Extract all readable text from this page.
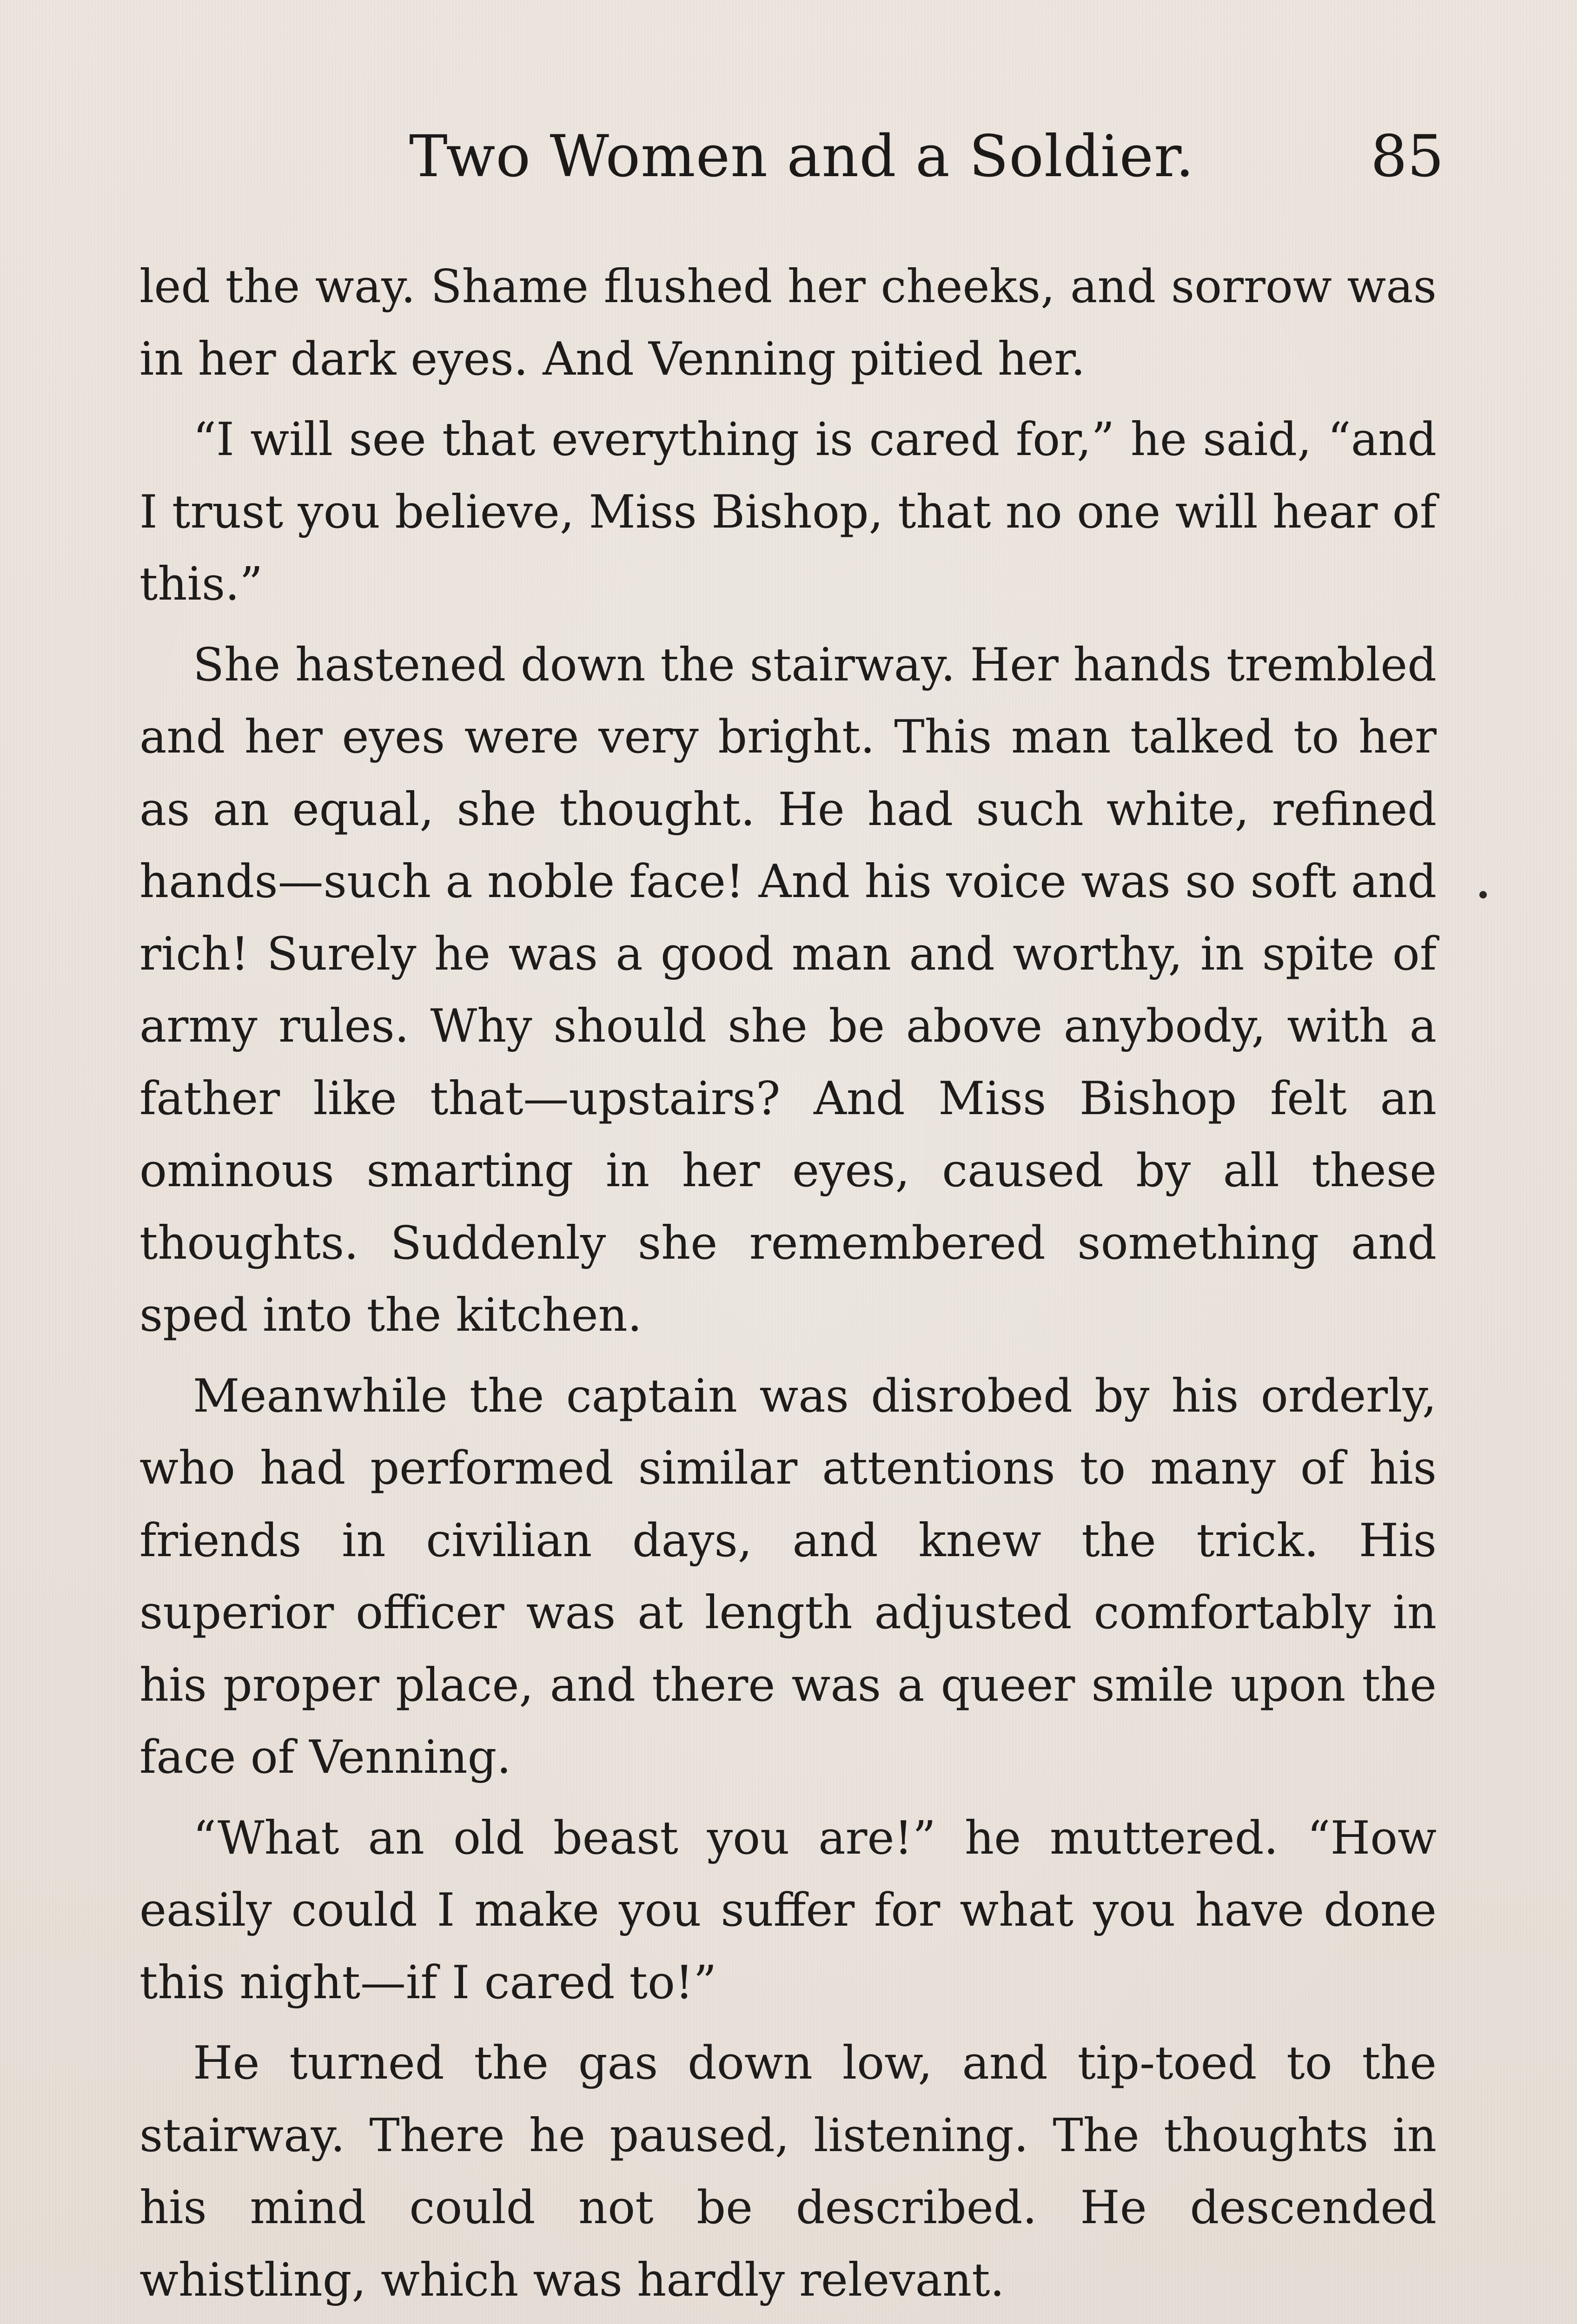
Two Women and a Soldier.	85

led the way. Shame flushed her cheeks, and sorrow was in her dark eyes. And Venning pitied her.

“I will see that everything is cared for,” he said, “and I trust you believe, Miss Bishop, that no one will hear of this.”

She hastened down the stairway. Her hands trembled and her eyes were very bright. This man talked to her as an equal, she thought. He had such white, refined hands—such a noble face! And his voice was so soft and rich! Surely he was a good man and worthy, in spite of army rules. Why should she be above anybody, with a father like that—upstairs? And Miss Bishop felt an ominous smarting in her eyes, caused by all these thoughts. Suddenly she remembered something and sped into the kitchen.

Meanwhile the captain was disrobed by his orderly, who had performed similar attentions to many of his friends in civilian days, and knew the trick. His superior officer was at length adjusted comfortably in his proper place, and there was a queer smile upon the face of Venning.

“What an old beast you are!” he muttered. “How easily could I make you suffer for what you have done this night—if I cared to!”

He turned the gas down low, and tip-toed to the stairway. There he paused, listening. The thoughts in his mind could not be described. He descended whistling, which was hardly relevant.
